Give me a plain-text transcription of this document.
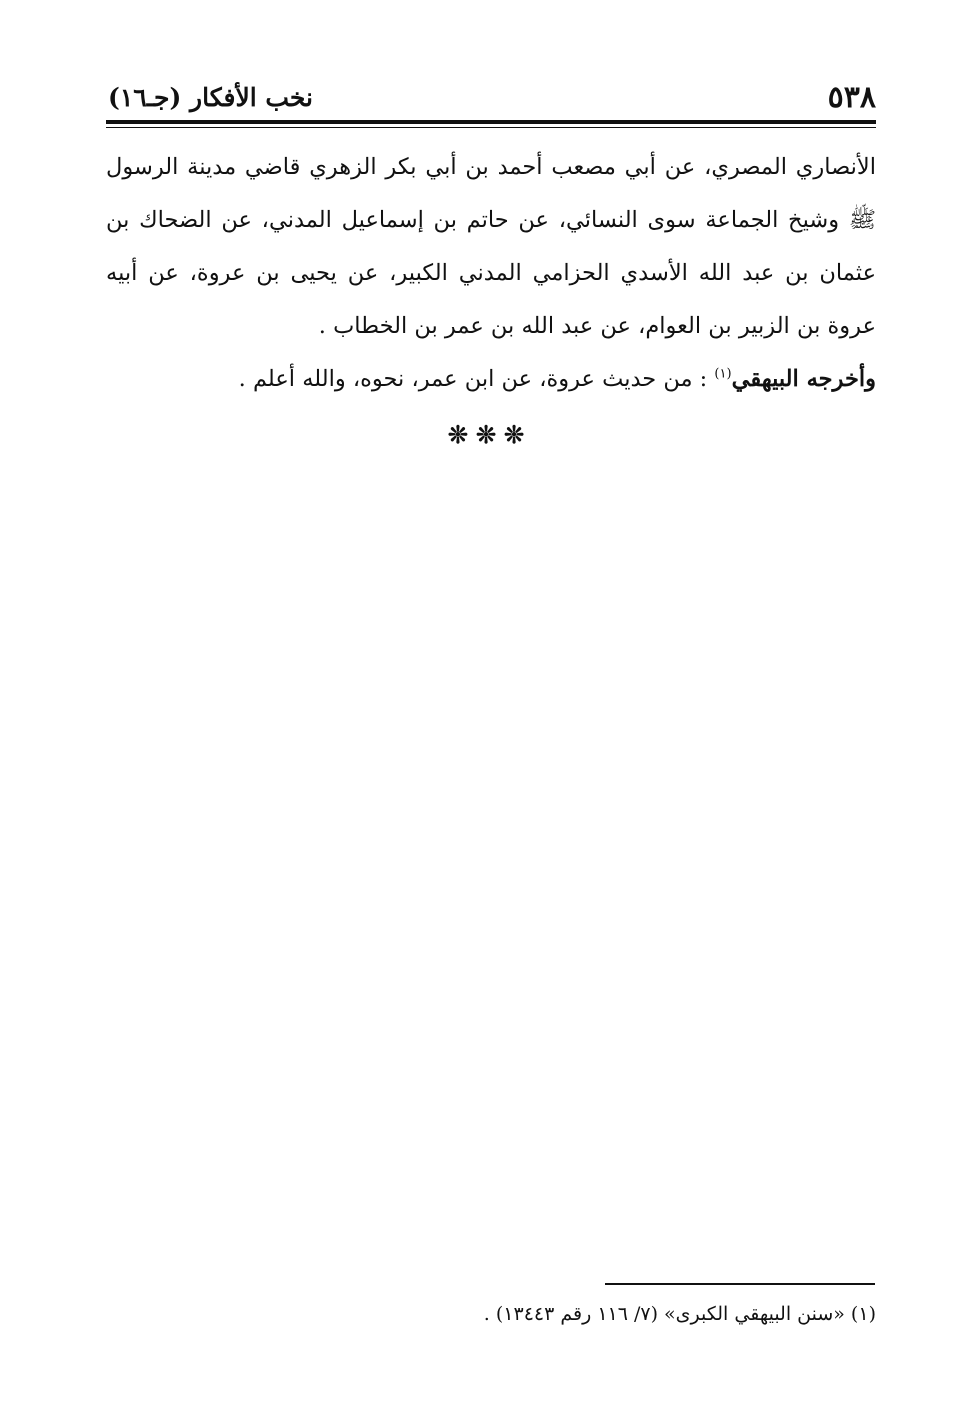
٥٣٨
نخب الأفكار (جـ١٦)

الأنصاري المصري، عن أبي مصعب أحمد بن أبي بكر الزهري قاضي مدينة الرسول ﷺ وشيخ الجماعة سوى النسائي، عن حاتم بن إسماعيل المدني، عن الضحاك بن عثمان بن عبد الله الأسدي الحزامي المدني الكبير، عن يحيى بن عروة، عن أبيه عروة بن الزبير بن العوام، عن عبد الله بن عمر بن الخطاب .

وأخرجه البيهقي$^{(١)}$ : من حديث عروة، عن ابن عمر، نحوه، والله أعلم .

❊❊❊
(١) «سنن البيهقي الكبرى» (٧/ ١١٦ رقم ١٣٤٤٣) .
